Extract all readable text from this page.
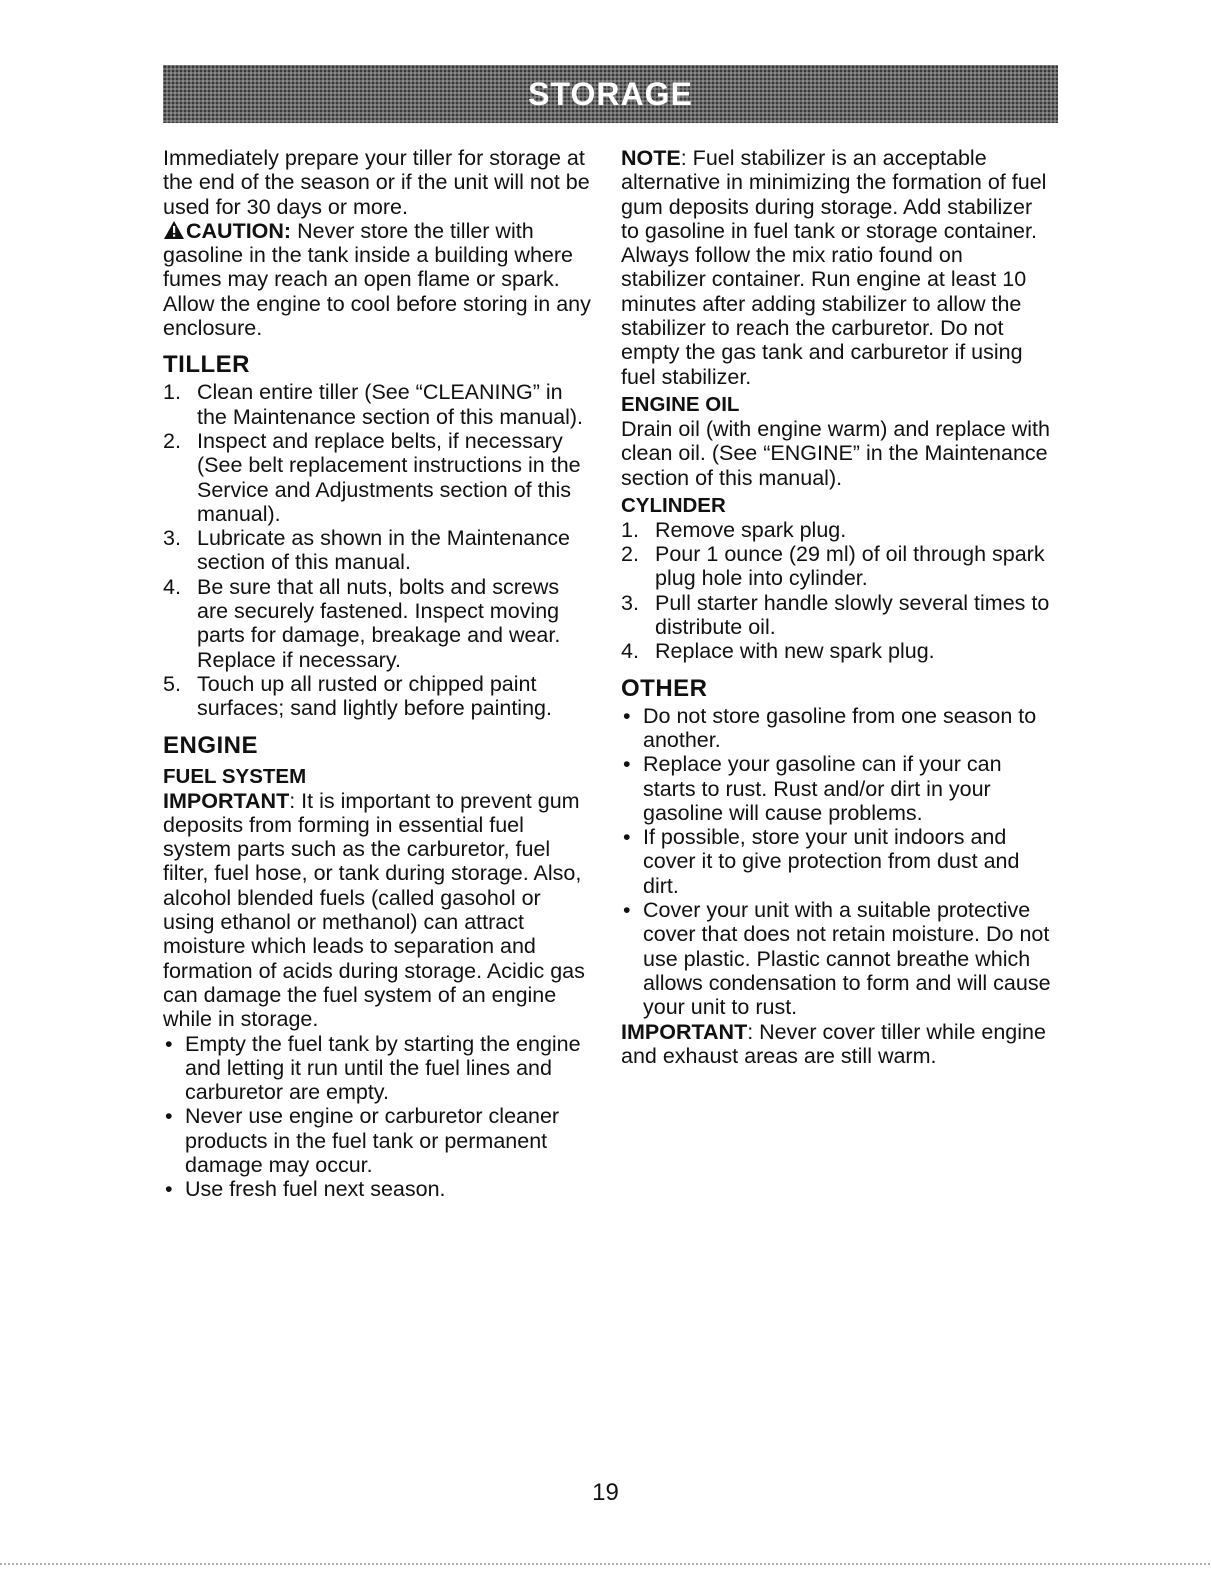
STORAGE

Immediately prepare your tiller for storage at the end of the season or if the unit will not be used for 30 days or more.

CAUTION: Never store the tiller with gasoline in the tank inside a building where fumes may reach an open flame or spark. Allow the engine to cool before storing in any enclosure.

TILLER
1. Clean entire tiller (See “CLEANING” in the Maintenance section of this manual).
2. Inspect and replace belts, if necessary (See belt replacement instructions in the Service and Adjustments section of this manual).
3. Lubricate as shown in the Maintenance section of this manual.
4. Be sure that all nuts, bolts and screws are securely fastened. Inspect moving parts for damage, breakage and wear. Replace if necessary.
5. Touch up all rusted or chipped paint surfaces; sand lightly before painting.
ENGINE
FUEL SYSTEM

IMPORTANT: It is important to prevent gum deposits from forming in essential fuel system parts such as the carburetor, fuel filter, fuel hose, or tank during storage. Also, alcohol blended fuels (called gasohol or using ethanol or methanol) can attract moisture which leads to separation and formation of acids during storage. Acidic gas can damage the fuel system of an engine while in storage.

• Empty the fuel tank by starting the engine and letting it run until the fuel lines and carburetor are empty.
• Never use engine or carburetor cleaner products in the fuel tank or permanent damage may occur.
• Use fresh fuel next season.

NOTE: Fuel stabilizer is an acceptable alternative in minimizing the formation of fuel gum deposits during storage. Add stabilizer to gasoline in fuel tank or storage container. Always follow the mix ratio found on stabilizer container. Run engine at least 10 minutes after adding stabilizer to allow the stabilizer to reach the carburetor. Do not empty the gas tank and carburetor if using fuel stabilizer.

ENGINE OIL

Drain oil (with engine warm) and replace with clean oil. (See “ENGINE” in the Maintenance section of this manual).

CYLINDER
1. Remove spark plug.
2. Pour 1 ounce (29 ml) of oil through spark plug hole into cylinder.
3. Pull starter handle slowly several times to distribute oil.
4. Replace with new spark plug.
OTHER
• Do not store gasoline from one season to another.
• Replace your gasoline can if your can starts to rust. Rust and/or dirt in your gasoline will cause problems.
• If possible, store your unit indoors and cover it to give protection from dust and dirt.
• Cover your unit with a suitable protective cover that does not retain moisture. Do not use plastic. Plastic cannot breathe which allows condensation to form and will cause your unit to rust.

IMPORTANT: Never cover tiller while engine and exhaust areas are still warm.

19
